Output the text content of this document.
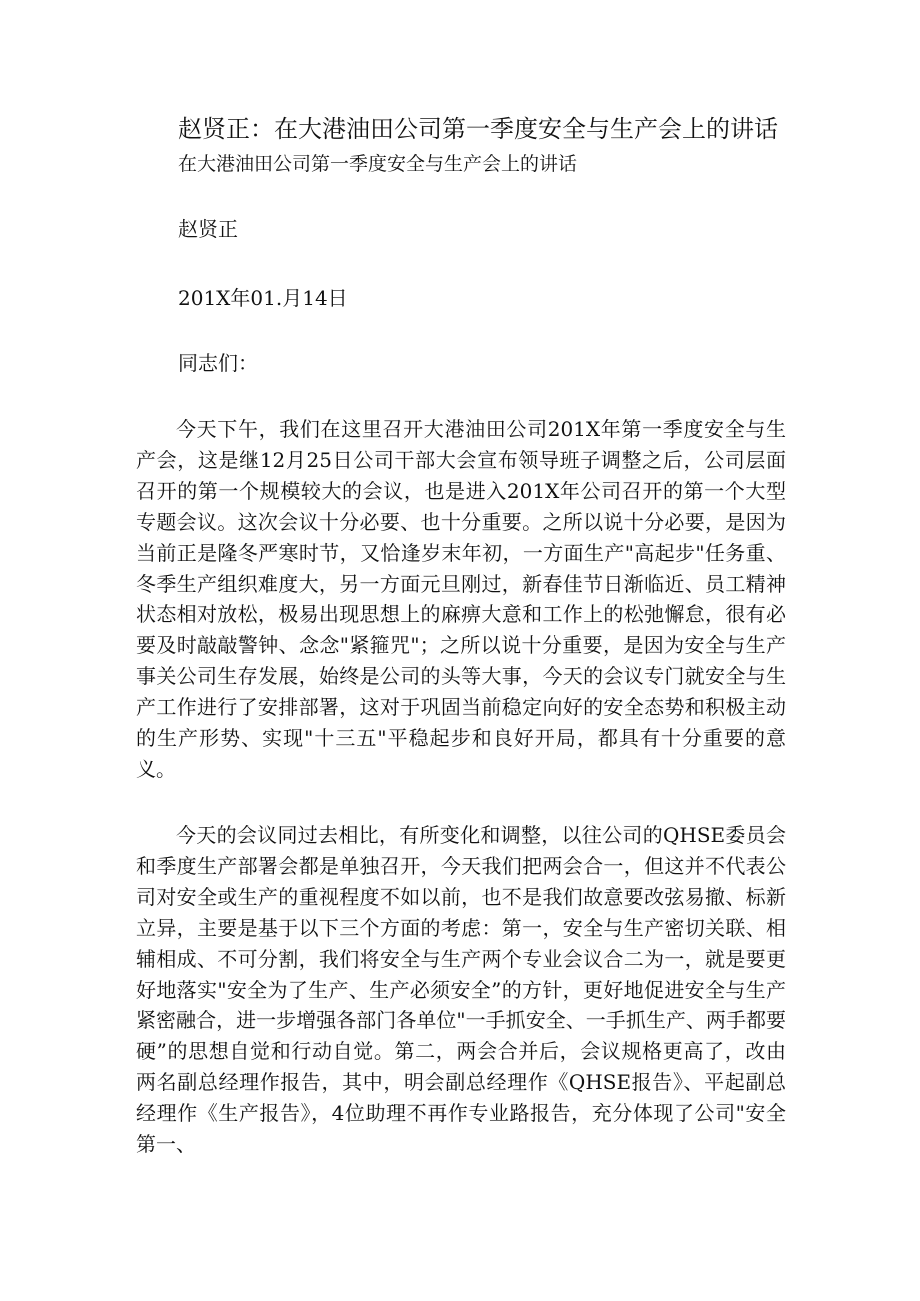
赵贤正：在大港油田公司第一季度安全与生产会上的讲话
在大港油田公司第一季度安全与生产会上的讲话
赵贤正
201X年01.月14日
同志们：

今天下午，我们在这里召开大港油田公司201X年第一季度安全与生产会，这是继12月25日公司干部大会宣布领导班子调整之后，公司层面召开的第一个规模较大的会议，也是进入201X年公司召开的第一个大型专题会议。这次会议十分必要、也十分重要。之所以说十分必要，是因为当前正是隆冬严寒时节，又恰逢岁末年初，一方面生产"高起步"任务重、冬季生产组织难度大，另一方面元旦刚过，新春佳节日渐临近、员工精神状态相对放松，极易出现思想上的麻痹大意和工作上的松弛懈怠，很有必要及时敲敲警钟、念念"紧箍咒"；之所以说十分重要，是因为安全与生产事关公司生存发展，始终是公司的头等大事，今天的会议专门就安全与生产工作进行了安排部署，这对于巩固当前稳定向好的安全态势和积极主动的生产形势、实现"十三五"平稳起步和良好开局，都具有十分重要的意义。

今天的会议同过去相比，有所变化和调整，以往公司的QHSE委员会和季度生产部署会都是单独召开，今天我们把两会合一，但这并不代表公司对安全或生产的重视程度不如以前，也不是我们故意要改弦易撤、标新立异，主要是基于以下三个方面的考虑：第一，安全与生产密切关联、相辅相成、不可分割，我们将安全与生产两个专业会议合二为一，就是要更好地落实"安全为了生产、生产必须安全”的方针，更好地促进安全与生产紧密融合，进一步增强各部门各单位"一手抓安全、一手抓生产、两手都要硬”的思想自觉和行动自觉。第二，两会合并后，会议规格更高了，改由两名副总经理作报告，其中，明会副总经理作《QHSE报告》、平起副总经理作《生产报告》，4位助理不再作专业路报告，充分体现了公司"安全第一、
